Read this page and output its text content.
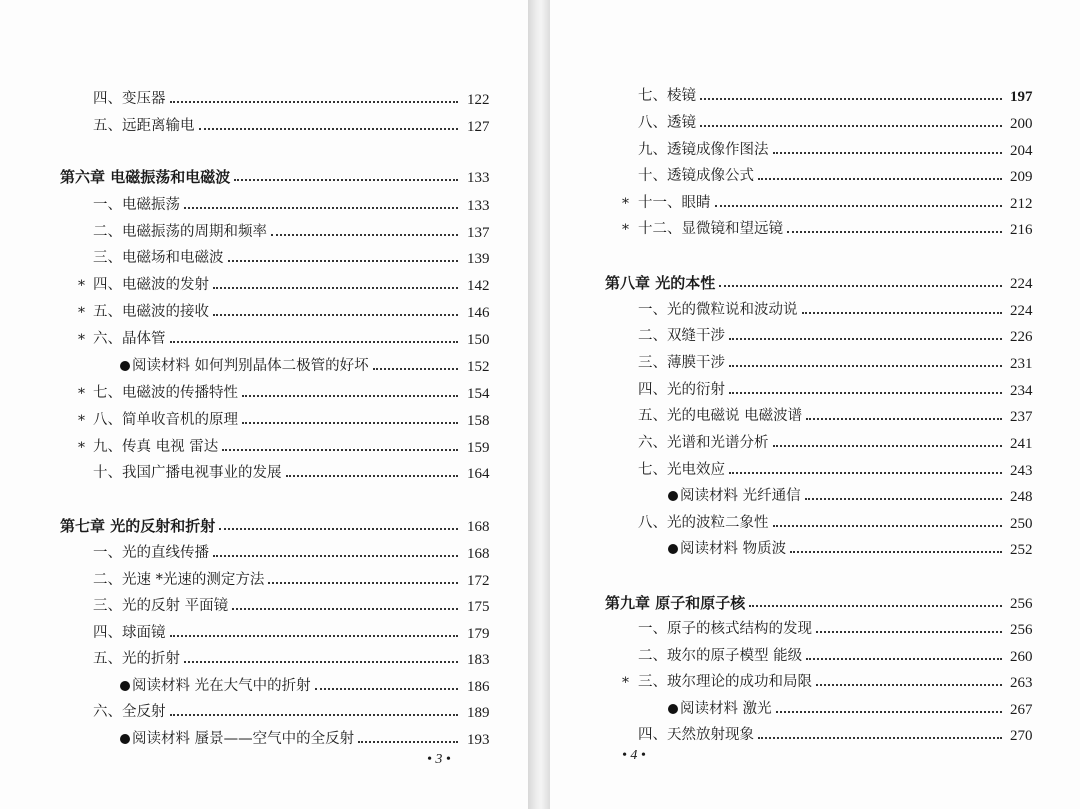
四、变压器	122
五、远距离输电	127
第六章 电磁振荡和电磁波	133
一、电磁振荡	133
二、电磁振荡的周期和频率	137
三、电磁场和电磁波	139
* 四、电磁波的发射	142
* 五、电磁波的接收	146
* 六、晶体管	150
阅读材料 如何判别晶体二极管的好坏	152
* 七、电磁波的传播特性	154
* 八、简单收音机的原理	158
* 九、传真 电视 雷达	159
十、我国广播电视事业的发展	164
第七章 光的反射和折射	168
一、光的直线传播	168
二、光速 *光速的测定方法	172
三、光的反射 平面镜	175
四、球面镜	179
五、光的折射	183
阅读材料 光在大气中的折射	186
六、全反射	189
阅读材料 蜃景——空气中的全反射	193
七、棱镜	197
八、透镜	200
九、透镜成像作图法	204
十、透镜成像公式	209
* 十一、眼睛	212
* 十二、显微镜和望远镜	216
第八章 光的本性	224
一、光的微粒说和波动说	224
二、双缝干涉	226
三、薄膜干涉	231
四、光的衍射	234
五、光的电磁说 电磁波谱	237
六、光谱和光谱分析	241
七、光电效应	243
阅读材料 光纤通信	248
八、光的波粒二象性	250
阅读材料 物质波	252
第九章 原子和原子核	256
一、原子的核式结构的发现	256
二、玻尔的原子模型 能级	260
* 三、玻尔理论的成功和局限	263
阅读材料 激光	267
四、天然放射现象	270
• 3 •	• 4 •
